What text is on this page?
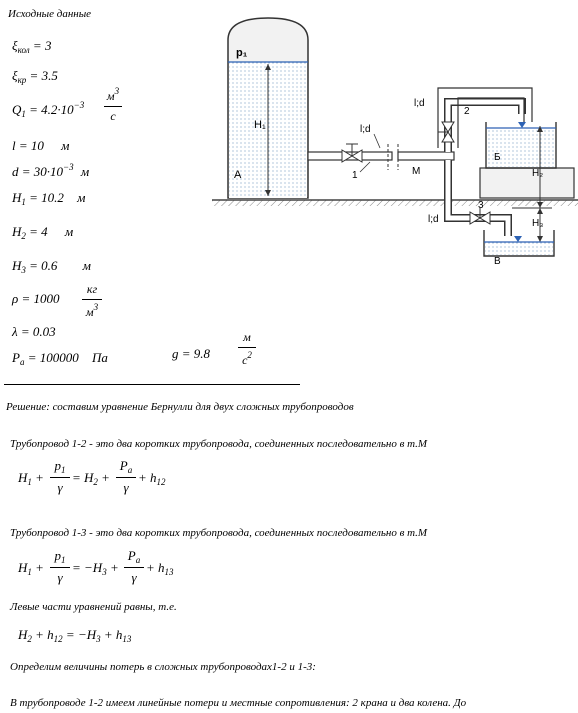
Исходные данные
$\xi_{кол} = 3$
$\xi_{кр} = 3.5$
$Q_1 = 4.2\cdot 10^{-3}$
$м^3$
с
l = 10 м
$d = 30\cdot 10^{-3}$ м
$H_1 = 10.2$ м
$H_2 = 4$ м
$H_3 = 0.6$ м
ρ = 1000
кг
$м^3$
λ = 0.03
$P_a = 100000$ Па	g = 9.8
м
$с^2$
p₁
H₁
A
l;d
1	M
2
l;d
Б
H₂
H₃
3
l;d
В
Решение: составим уравнение Бернулли для двух сложных трубопроводов
Трубопровод 1-2 - это два коротких трубопровода, соединенных последовательно в т.М
$H_1$ +
$p_1$
γ
= $H_2$ +
$P_a$
γ
+ $h_{12}$
Трубопровод 1-3 - это два коротких трубопровода, соединенных последовательно в т.М
$H_1$ +
$p_1$
γ
= $-H_3$ +
$P_a$
γ
+ $h_{13}$
Левые части уравнений равны, т.е.
$H_2 + h_{12} = -H_3 + h_{13}$
Определим величины потерь в сложных трубопроводах1-2 и 1-3:
В трубопроводе 1-2 имеем линейные потери и местные сопротивления: 2 крана и два колена. До
